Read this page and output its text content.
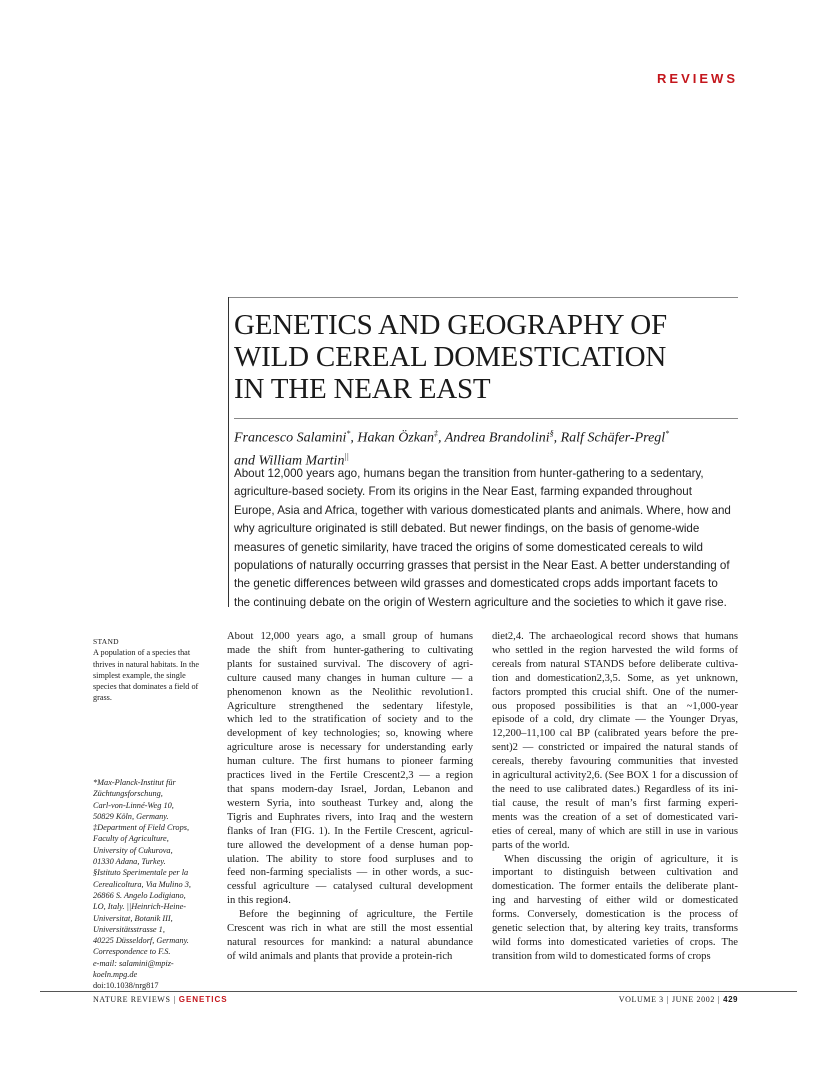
REVIEWS
GENETICS AND GEOGRAPHY OF
WILD CEREAL DOMESTICATION
IN THE NEAR EAST
Francesco Salamini*, Hakan Özkan‡, Andrea Brandolini§, Ralf Schäfer-Pregl*
and William Martin||

About 12,000 years ago, humans began the transition from hunter-gathering to a sedentary,
agriculture-based society. From its origins in the Near East, farming expanded throughout
Europe, Asia and Africa, together with various domesticated plants and animals. Where, how and
why agriculture originated is still debated. But newer findings, on the basis of genome-wide
measures of genetic similarity, have traced the origins of some domesticated cereals to wild
populations of naturally occurring grasses that persist in the Near East. A better understanding of
the genetic differences between wild grasses and domesticated crops adds important facets to
the continuing debate on the origin of Western agriculture and the societies to which it gave rise.

STAND
A population of a species that thrives in natural habitats. In the simplest example, the single species that dominates a field of grass.
*Max-Planck-Institut für
Züchtungsforschung,
Carl-von-Linné-Weg 10,
50829 Köln, Germany.
‡Department of Field Crops,
Faculty of Agriculture,
University of Cukurova,
01330 Adana, Turkey.
§Istituto Sperimentale per la
Cerealicoltura, Via Mulino 3,
26866 S. Angelo Lodigiano,
LO, Italy. ||Heinrich-Heine-
Universitat, Botanik III,
Universitätsstrasse 1,
40225 Düsseldorf, Germany.
Correspondence to F.S.
e-mail: salamini@mpiz-
koeln.mpg.de
doi:10.1038/nrg817
About 12,000 years ago, a small group of humans
made the shift from hunter-gathering to cultivating
plants for sustained survival. The discovery of agri-
culture caused many changes in human culture — a
phenomenon known as the Neolithic revolution1.
Agriculture strengthened the sedentary lifestyle,
which led to the stratification of society and to the
development of key technologies; so, knowing where
agriculture arose is necessary for understanding early
human culture. The first humans to pioneer farming
practices lived in the Fertile Crescent2,3 — a region
that spans modern-day Israel, Jordan, Lebanon and
western Syria, into southeast Turkey and, along the
Tigris and Euphrates rivers, into Iraq and the western
flanks of Iran (FIG. 1). In the Fertile Crescent, agricul-
ture allowed the development of a dense human pop-
ulation. The ability to store food surpluses and to
feed non-farming specialists — in other words, a suc-
cessful agriculture — catalysed cultural development
in this region4.
Before the beginning of agriculture, the Fertile
Crescent was rich in what are still the most essential
natural resources for mankind: a natural abundance
of wild animals and plants that provide a protein-rich
diet2,4. The archaeological record shows that humans
who settled in the region harvested the wild forms of
cereals from natural STANDS before deliberate cultiva-
tion and domestication2,3,5. Some, as yet unknown,
factors prompted this crucial shift. One of the numer-
ous proposed possibilities is that an ~1,000-year
episode of a cold, dry climate — the Younger Dryas,
12,200–11,100 cal BP (calibrated years before the pre-
sent)2 — constricted or impaired the natural stands of
cereals, thereby favouring communities that invested
in agricultural activity2,6. (See BOX 1 for a discussion of
the need to use calibrated dates.) Regardless of its ini-
tial cause, the result of man’s first farming experi-
ments was the creation of a set of domesticated vari-
eties of cereal, many of which are still in use in various
parts of the world.
When discussing the origin of agriculture, it is
important to distinguish between cultivation and
domestication. The former entails the deliberate plant-
ing and harvesting of either wild or domesticated
forms. Conversely, domestication is the process of
genetic selection that, by altering key traits, transforms
wild forms into domesticated varieties of crops. The
transition from wild to domesticated forms of crops
NATURE REVIEWS | GENETICS	VOLUME 3 | JUNE 2002 | 429
